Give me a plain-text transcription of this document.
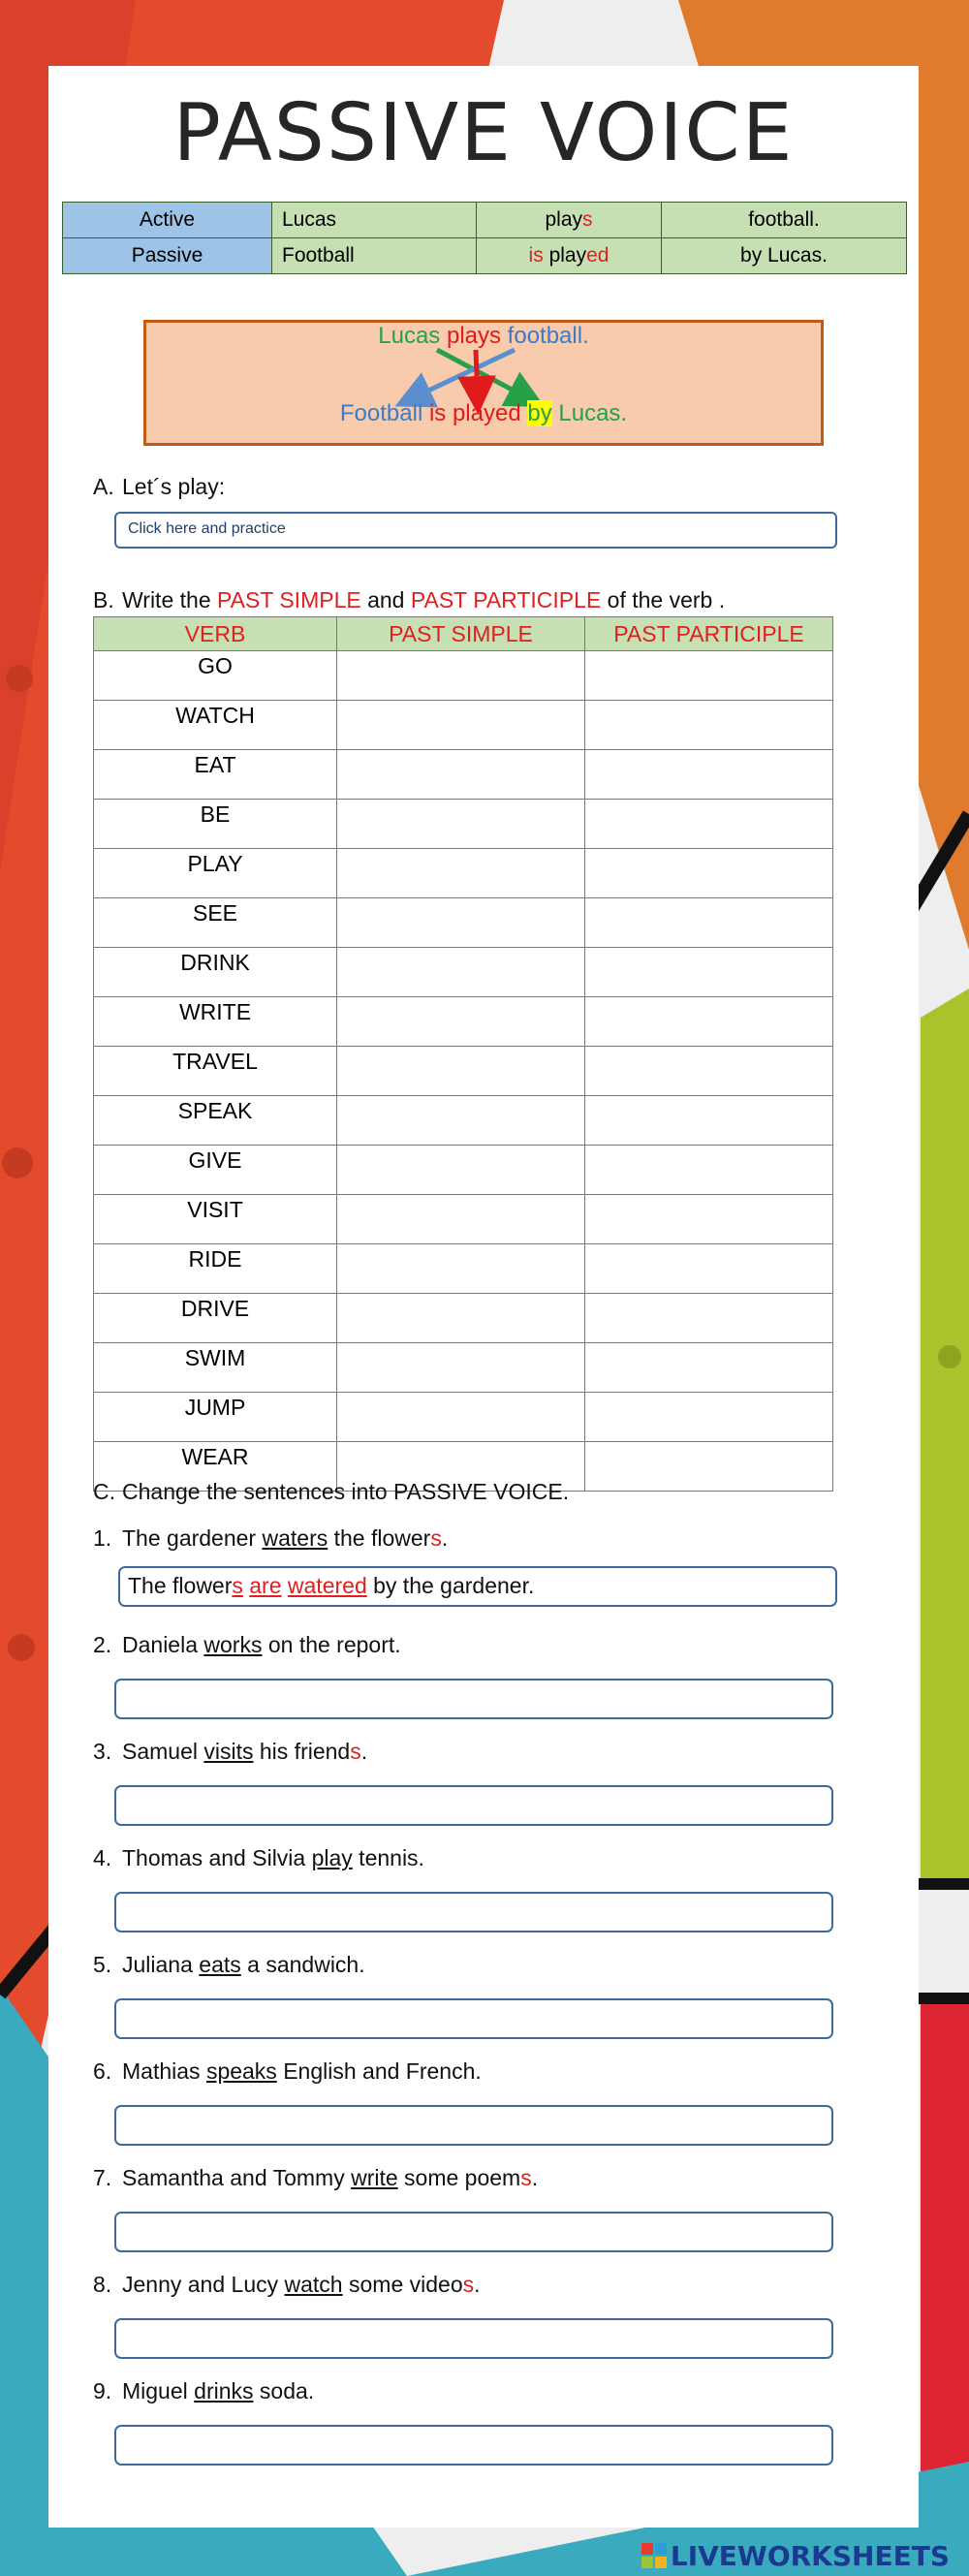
PASSIVE VOICE
Active	Lucas	plays	football.
Passive	Football	is played	by Lucas.
Lucas plays football.
Football is played by Lucas.
A. Let´s play:
Click here and practice
B. Write the PAST SIMPLE and PAST PARTICIPLE of the verb .
VERB	PAST SIMPLE	PAST PARTICIPLE
GO		
WATCH		
EAT		
BE		
PLAY		
SEE		
DRINK		
WRITE		
TRAVEL		
SPEAK		
GIVE		
VISIT		
RIDE		
DRIVE		
SWIM		
JUMP		
WEAR		
C. Change the sentences into PASSIVE VOICE.
1. The gardener waters the flowers.
The flowers are watered by the gardener.
2. Daniela works on the report.
3. Samuel visits his friends.
4. Thomas and Silvia play tennis.
5. Juliana eats a sandwich.
6. Mathias speaks English and French.
7. Samantha and Tommy write some poems.
8. Jenny and Lucy watch some videos.
9. Miguel drinks soda.
LIVEWORKSHEETS
